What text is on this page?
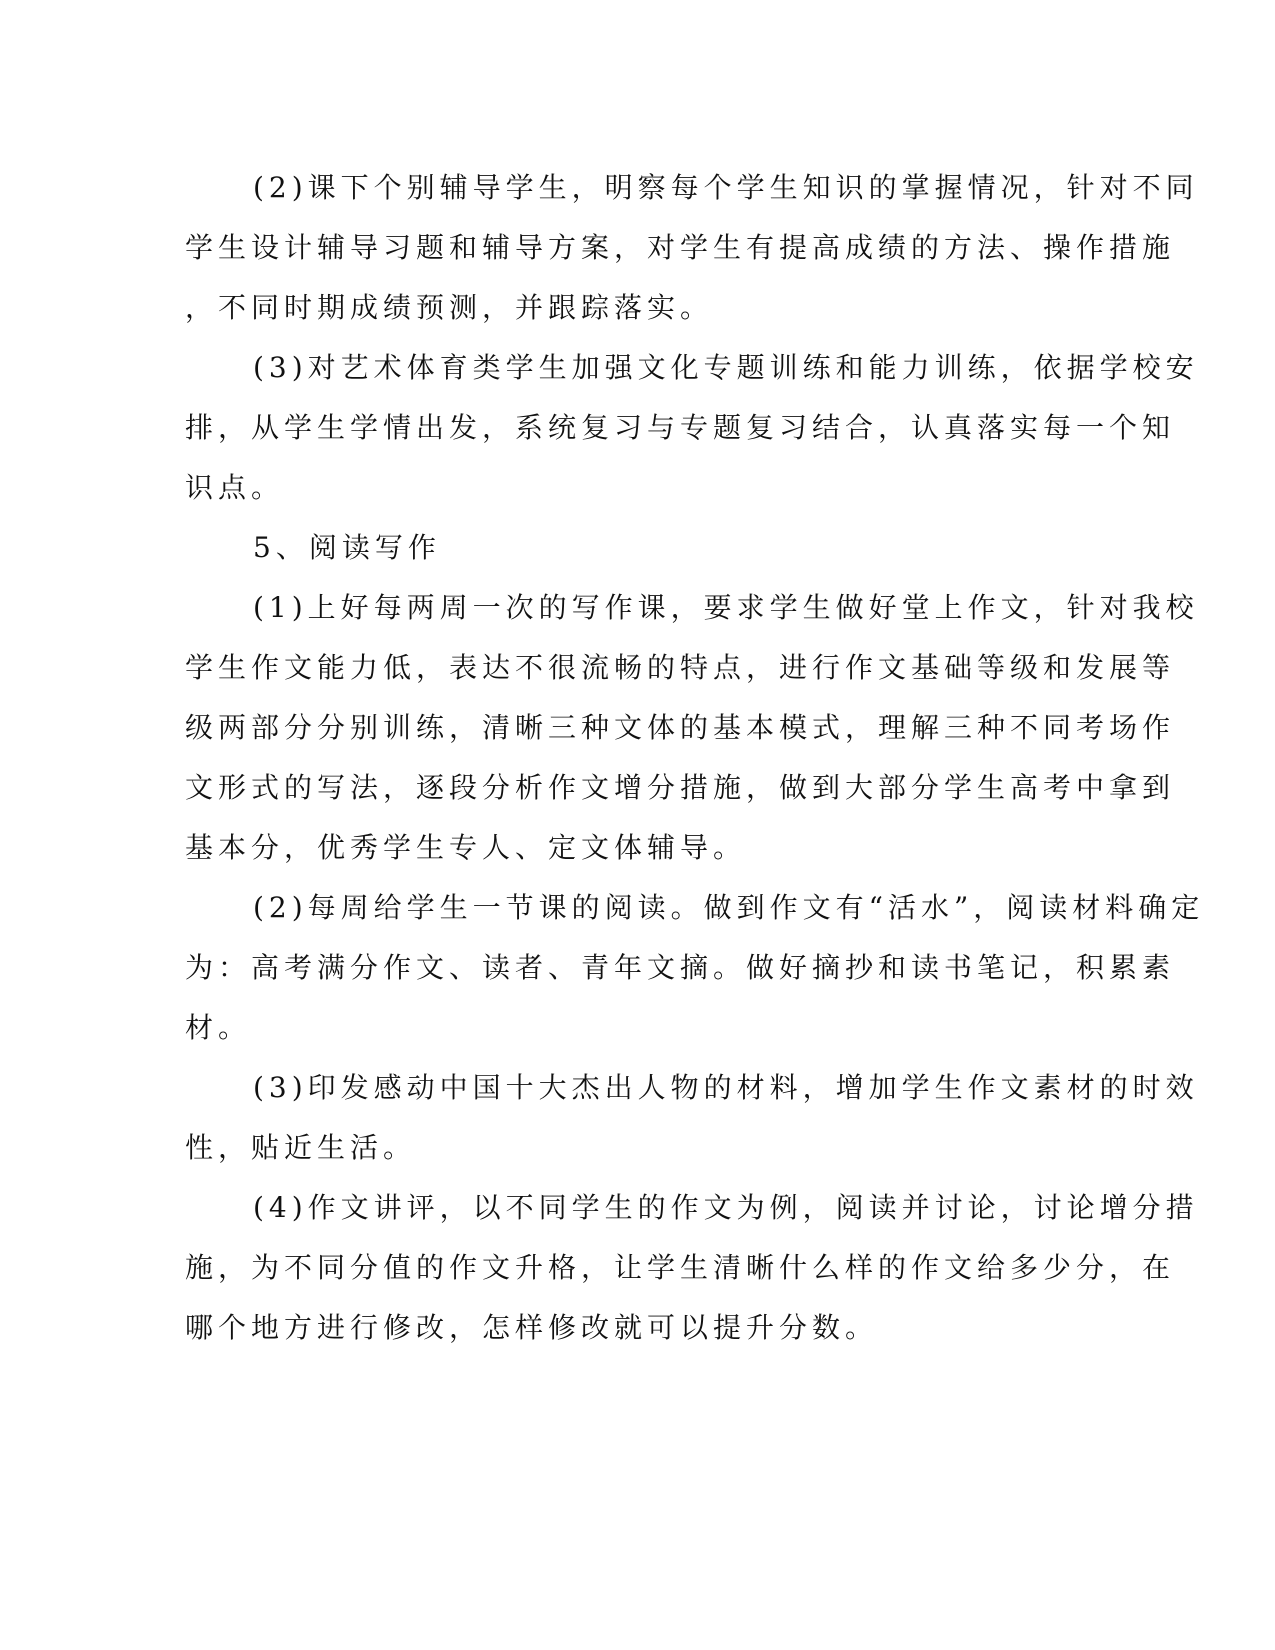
(2)课下个别辅导学生，明察每个学生知识的掌握情况，针对不同
学生设计辅导习题和辅导方案，对学生有提高成绩的方法、操作措施
，不同时期成绩预测，并跟踪落实。
(3)对艺术体育类学生加强文化专题训练和能力训练，依据学校安
排，从学生学情出发，系统复习与专题复习结合，认真落实每一个知
识点。
5、阅读写作
(1)上好每两周一次的写作课，要求学生做好堂上作文，针对我校
学生作文能力低，表达不很流畅的特点，进行作文基础等级和发展等
级两部分分别训练，清晰三种文体的基本模式，理解三种不同考场作
文形式的写法，逐段分析作文增分措施，做到大部分学生高考中拿到
基本分，优秀学生专人、定文体辅导。
(2)每周给学生一节课的阅读。做到作文有“活水”，阅读材料确定
为：高考满分作文、读者、青年文摘。做好摘抄和读书笔记，积累素
材。
(3)印发感动中国十大杰出人物的材料，增加学生作文素材的时效
性，贴近生活。
(4)作文讲评，以不同学生的作文为例，阅读并讨论，讨论增分措
施，为不同分值的作文升格，让学生清晰什么样的作文给多少分，在
哪个地方进行修改，怎样修改就可以提升分数。
